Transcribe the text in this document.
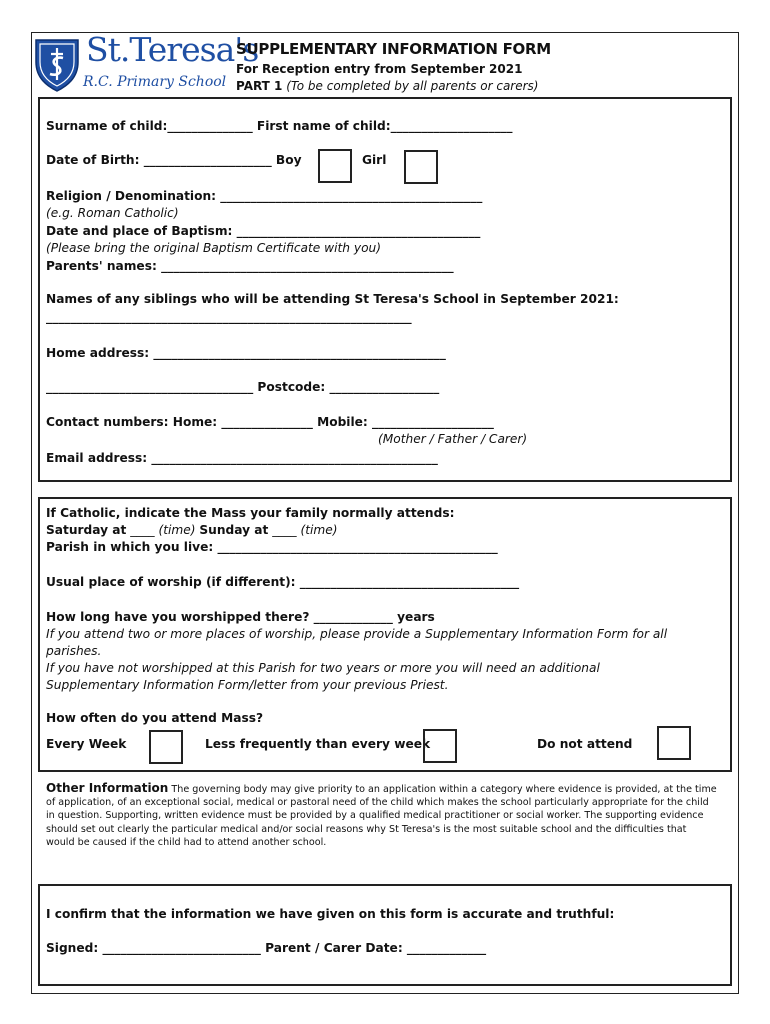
St.Teresa's
R.C. Primary School
SUPPLEMENTARY INFORMATION FORM
For Reception entry from September 2021
PART 1 (To be completed by all parents or carers)
Surname of child:______________ First name of child:____________________
Date of Birth: _____________________ Boy	Girl
Religion / Denomination: ___________________________________________
(e.g. Roman Catholic)
Date and place of Baptism: ________________________________________
(Please bring the original Baptism Certificate with you)
Parents' names: ________________________________________________
Names of any siblings who will be attending St Teresa's School in September 2021:
____________________________________________________________
Home address: ________________________________________________
__________________________________ Postcode: __________________
Contact numbers: Home: _______________ Mobile: ____________________
(Mother / Father / Carer)
Email address: _______________________________________________
If Catholic, indicate the Mass your family normally attends:
Saturday at ____ (time) Sunday at ____ (time)
Parish in which you live: ______________________________________________
Usual place of worship (if different): ____________________________________
How long have you worshipped there? _____________ years
If you attend two or more places of worship, please provide a Supplementary Information Form for all
parishes.
If you have not worshipped at this Parish for two years or more you will need an additional
Supplementary Information Form/letter from your previous Priest.
How often do you attend Mass?
Every Week	Less frequently than every week	Do not attend
Other Information The governing body may give priority to an application within a category where evidence is provided, at the time of application, of an exceptional social, medical or pastoral need of the child which makes the school particularly appropriate for the child in question. Supporting, written evidence must be provided by a qualified medical practitioner or social worker. The supporting evidence should set out clearly the particular medical and/or social reasons why St Teresa's is the most suitable school and the difficulties that would be caused if the child had to attend another school.
I confirm that the information we have given on this form is accurate and truthful:
Signed: __________________________ Parent / Carer Date: _____________
